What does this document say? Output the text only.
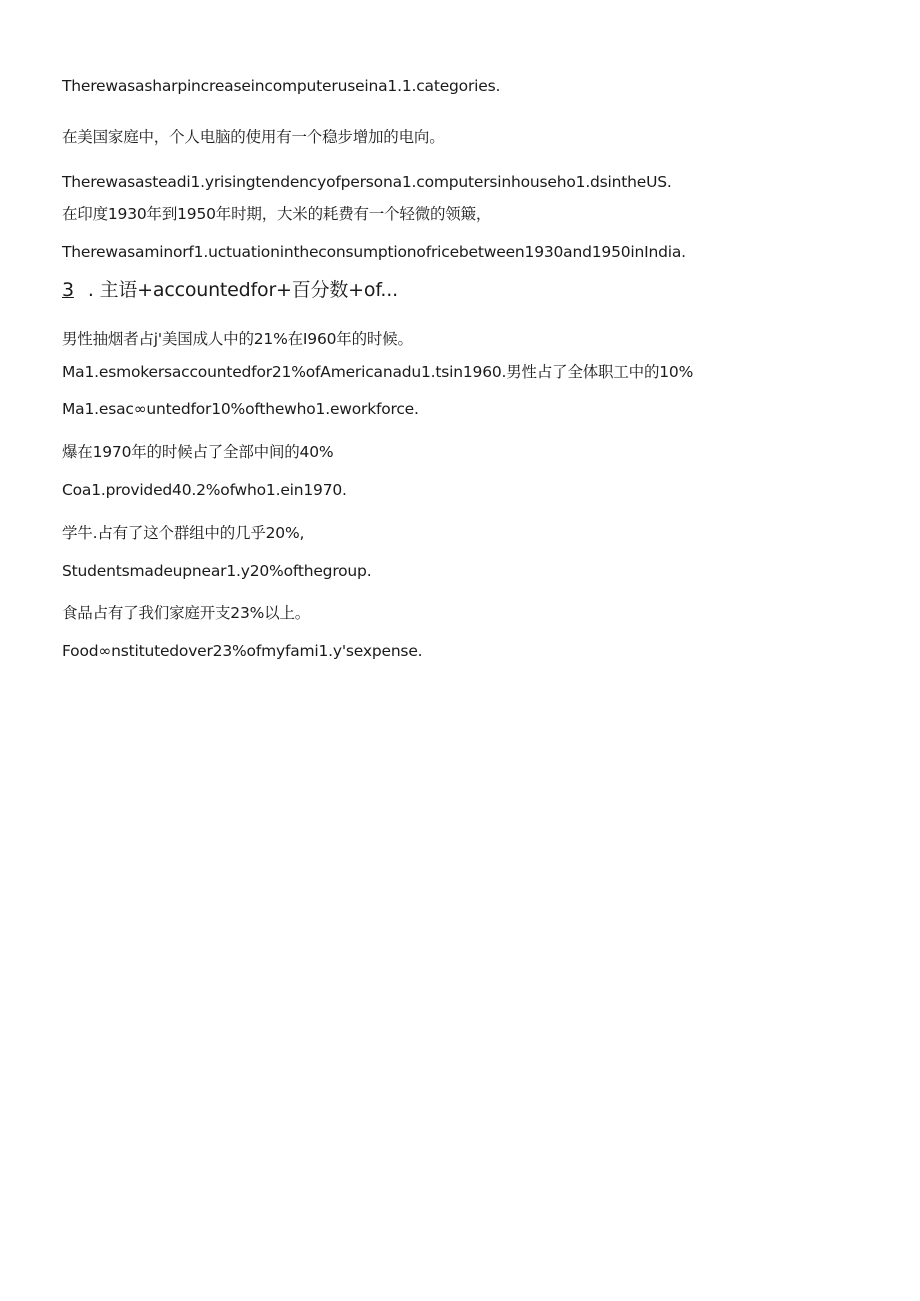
Therewasasharpincreaseincomputeruseina1.1.categories.
在美国家庭中，个人电脑的使用有一个稳步增加的电向。
Therewasasteadi1.yrisingtendencyofpersona1.computersinhouseho1.dsintheUS.
在印度1930年到1950年时期，大米的耗费有一个轻微的领簸，
Therewasaminorf1.uctuationintheconsumptionofricebetween1930and1950inIndia.
3 . 主语+accountedfor+百分数+of...
男性抽烟者占j'美国成人中的21%在I960年的时候。
Ma1.esmokersaccountedfor21%ofAmericanadu1.tsin1960.男性占了全体职工中的10%
Ma1.esac∞untedfor10%ofthewho1.eworkforce.
爆在1970年的时候占了全部中间的40%
Coa1.provided40.2%ofwho1.ein1970.
学牛.占有了这个群组中的几乎20%,
Studentsmadeupnear1.y20%ofthegroup.
食品占有了我们家庭开支23%以上。
Food∞nstitutedover23%ofmyfami1.y'sexpense.
